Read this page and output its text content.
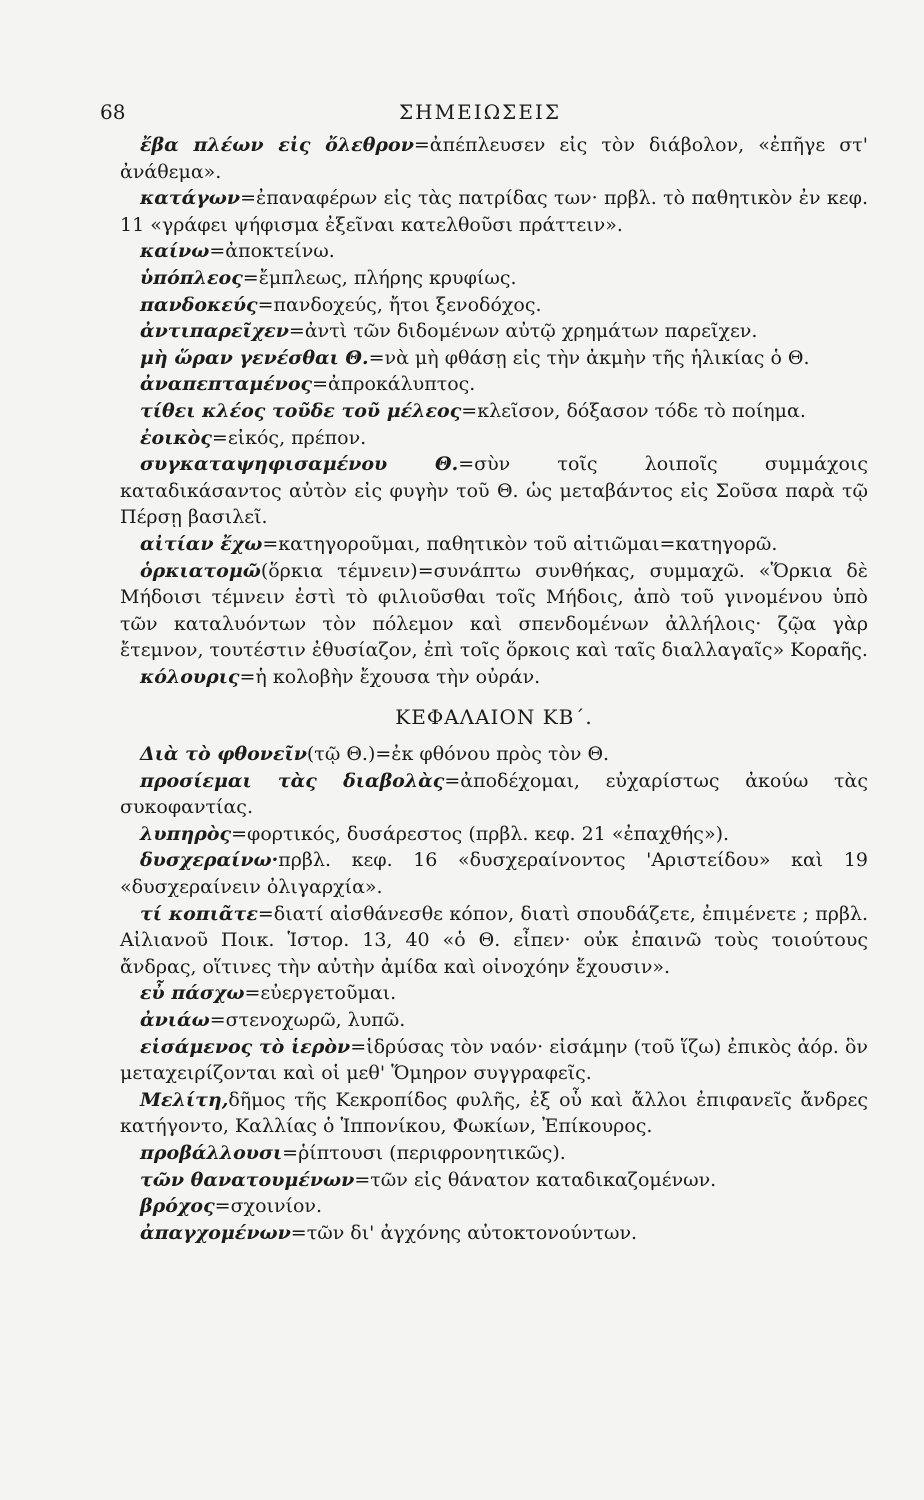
68	ΣΗΜΕΙΩΣΕΙΣ

ἔβα πλέων εἰς ὄλεθρον=ἀπέπλευσεν εἰς τὸν διάβολον, «ἐπῆγε στ' ἀνάθεμα».

κατάγων=ἐπαναφέρων εἰς τὰς πατρίδας των· πρβλ. τὸ παθητικὸν ἐν κεφ. 11 «γράφει ψήφισμα ἐξεῖναι κατελθοῦσι πράττειν».

καίνω=ἀποκτείνω.

ὑπόπλεος=ἔμπλεως, πλήρης κρυφίως.

πανδοκεύς=πανδοχεύς, ἤτοι ξενοδόχος.

ἀντιπαρεῖχεν=ἀντὶ τῶν διδομένων αὐτῷ χρημάτων παρεῖχεν.

μὴ ὥραν γενέσθαι Θ.=νὰ μὴ φθάσῃ εἰς τὴν ἀκμὴν τῆς ἡλικίας ὁ Θ.

ἀναπεπταμένος=ἀπροκάλυπτος.

τίθει κλέος τοῦδε τοῦ μέλεος=κλεῖσον, δόξασον τόδε τὸ ποίημα.

ἐοικὸς=εἰκός, πρέπον.

συγκαταψηφισαμένου Θ.=σὺν τοῖς λοιποῖς συμμάχοις καταδικάσαντος αὐτὸν εἰς φυγὴν τοῦ Θ. ὡς μεταβάντος εἰς Σοῦσα παρὰ τῷ Πέρσῃ βασιλεῖ.

αἰτίαν ἔχω=κατηγοροῦμαι, παθητικὸν τοῦ αἰτιῶμαι=κατηγορῶ.

ὁρκιατομῶ(ὅρκια τέμνειν)=συνάπτω συνθήκας, συμμαχῶ. «Ὅρκια δὲ Μήδοισι τέμνειν ἐστὶ τὸ φιλιοῦσθαι τοῖς Μήδοις, ἀπὸ τοῦ γινομένου ὑπὸ τῶν καταλυόντων τὸν πόλεμον καὶ σπενδομένων ἀλλήλοις· ζῷα γὰρ ἔτεμνον, τουτέστιν ἐθυσίαζον, ἐπὶ τοῖς ὅρκοις καὶ ταῖς διαλλαγαῖς» Κοραῆς.

κόλουρις=ἡ κολοβὴν ἔχουσα τὴν οὐράν.

ΚΕΦΑΛΑΙΟΝ ΚΒ΄.

Διὰ τὸ φθονεῖν(τῷ Θ.)=ἐκ φθόνου πρὸς τὸν Θ.

προσίεμαι τὰς διαβολὰς=ἀποδέχομαι, εὐχαρίστως ἀκούω τὰς συκοφαντίας.

λυπηρὸς=φορτικός, δυσάρεστος (πρβλ. κεφ. 21 «ἐπαχθής»).

δυσχεραίνω·πρβλ. κεφ. 16 «δυσχεραίνοντος 'Αριστείδου» καὶ 19 «δυσχεραίνειν ὀλιγαρχία».

τί κοπιᾶτε=διατί αἰσθάνεσθε κόπον, διατὶ σπουδάζετε, ἐπιμένετε ; πρβλ. Αἰλιανοῦ Ποικ. Ἱστορ. 13, 40 «ὁ Θ. εἶπεν· οὐκ ἐπαινῶ τοὺς τοιούτους ἄνδρας, οἵτινες τὴν αὐτὴν ἀμίδα καὶ οἰνοχόην ἔχουσιν».

εὖ πάσχω=εὐεργετοῦμαι.

ἀνιάω=στενοχωρῶ, λυπῶ.

εἱσάμενος τὸ ἱερὸν=ἱδρύσας τὸν ναόν· εἱσάμην (τοῦ ἵζω) ἐπικὸς ἀόρ. ὃν μεταχειρίζονται καὶ οἱ μεθ' Ὅμηρον συγγραφεῖς.

Μελίτη,δῆμος τῆς Κεκροπίδος φυλῆς, ἐξ οὗ καὶ ἄλλοι ἐπιφανεῖς ἄνδρες κατήγοντο, Καλλίας ὁ Ἱππονίκου, Φωκίων, Ἐπίκουρος.

προβάλλουσι=ῥίπτουσι (περιφρονητικῶς).

τῶν θανατουμένων=τῶν εἰς θάνατον καταδικαζομένων.

βρόχος=σχοινίον.

ἀπαγχομένων=τῶν δι' ἀγχόνης αὐτοκτονούντων.
